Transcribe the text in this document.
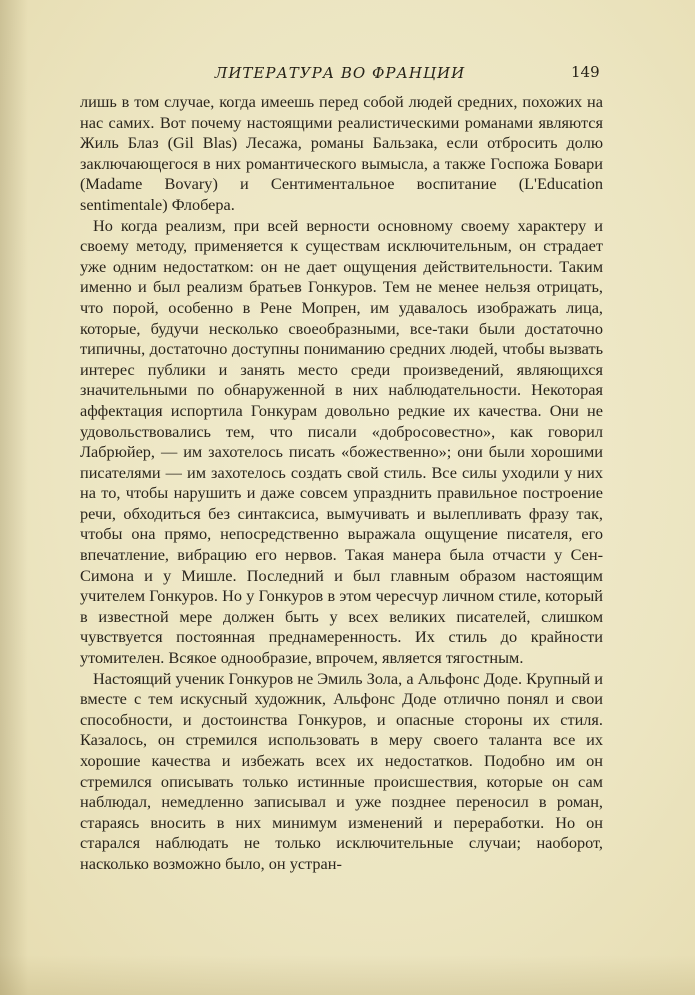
ЛИТЕРАТУРА ВО ФРАНЦИИ	149

лишь в том случае, когда имеешь перед собой людей средних, похожих на нас самих. Вот почему настоящими реалистическими романами являются Жиль Блаз (Gil Blas) Лесажа, романы Бальзака, если отбросить долю заключающегося в них романтического вымысла, а также Госпожа Бовари (Madame Bovary) и Сентиментальное воспитание (L'Education sentimentale) Флобера.

Но когда реализм, при всей верности основному своему характеру и своему методу, применяется к существам исключительным, он страдает уже одним недостатком: он не дает ощущения действительности. Таким именно и был реализм братьев Гонкуров. Тем не менее нельзя отрицать, что порой, особенно в Рене Мопрен, им удавалось изображать лица, которые, будучи несколько своеобразными, все-таки были достаточно типичны, достаточно доступны пониманию средних людей, чтобы вызвать интерес публики и занять место среди произведений, являющихся значительными по обнаруженной в них наблюдательности. Некоторая аффектация испортила Гонкурам довольно редкие их качества. Они не удовольствовались тем, что писали «добросовестно», как говорил Лабрюйер, — им захотелось писать «божественно»; они были хорошими писателями — им захотелось создать свой стиль. Все силы уходили у них на то, чтобы нарушить и даже совсем упразднить правильное построение речи, обходиться без синтаксиса, вымучивать и вылепливать фразу так, чтобы она прямо, непосредственно выражала ощущение писателя, его впечатление, вибрацию его нервов. Такая манера была отчасти у Сен-Симона и у Мишле. Последний и был главным образом настоящим учителем Гонкуров. Но у Гонкуров в этом чересчур личном стиле, который в известной мере должен быть у всех великих писателей, слишком чувствуется постоянная преднамеренность. Их стиль до крайности утомителен. Всякое однообразие, впрочем, является тягостным.

Настоящий ученик Гонкуров не Эмиль Зола, а Альфонс Доде. Крупный и вместе с тем искусный художник, Альфонс Доде отлично понял и свои способности, и достоинства Гонкуров, и опасные стороны их стиля. Казалось, он стремился использовать в меру своего таланта все их хорошие качества и избежать всех их недостатков. Подобно им он стремился описывать только истинные происшествия, которые он сам наблюдал, немедленно записывал и уже позднее переносил в роман, стараясь вносить в них минимум изменений и переработки. Но он старался наблюдать не только исключительные случаи; наоборот, насколько возможно было, он устран-
